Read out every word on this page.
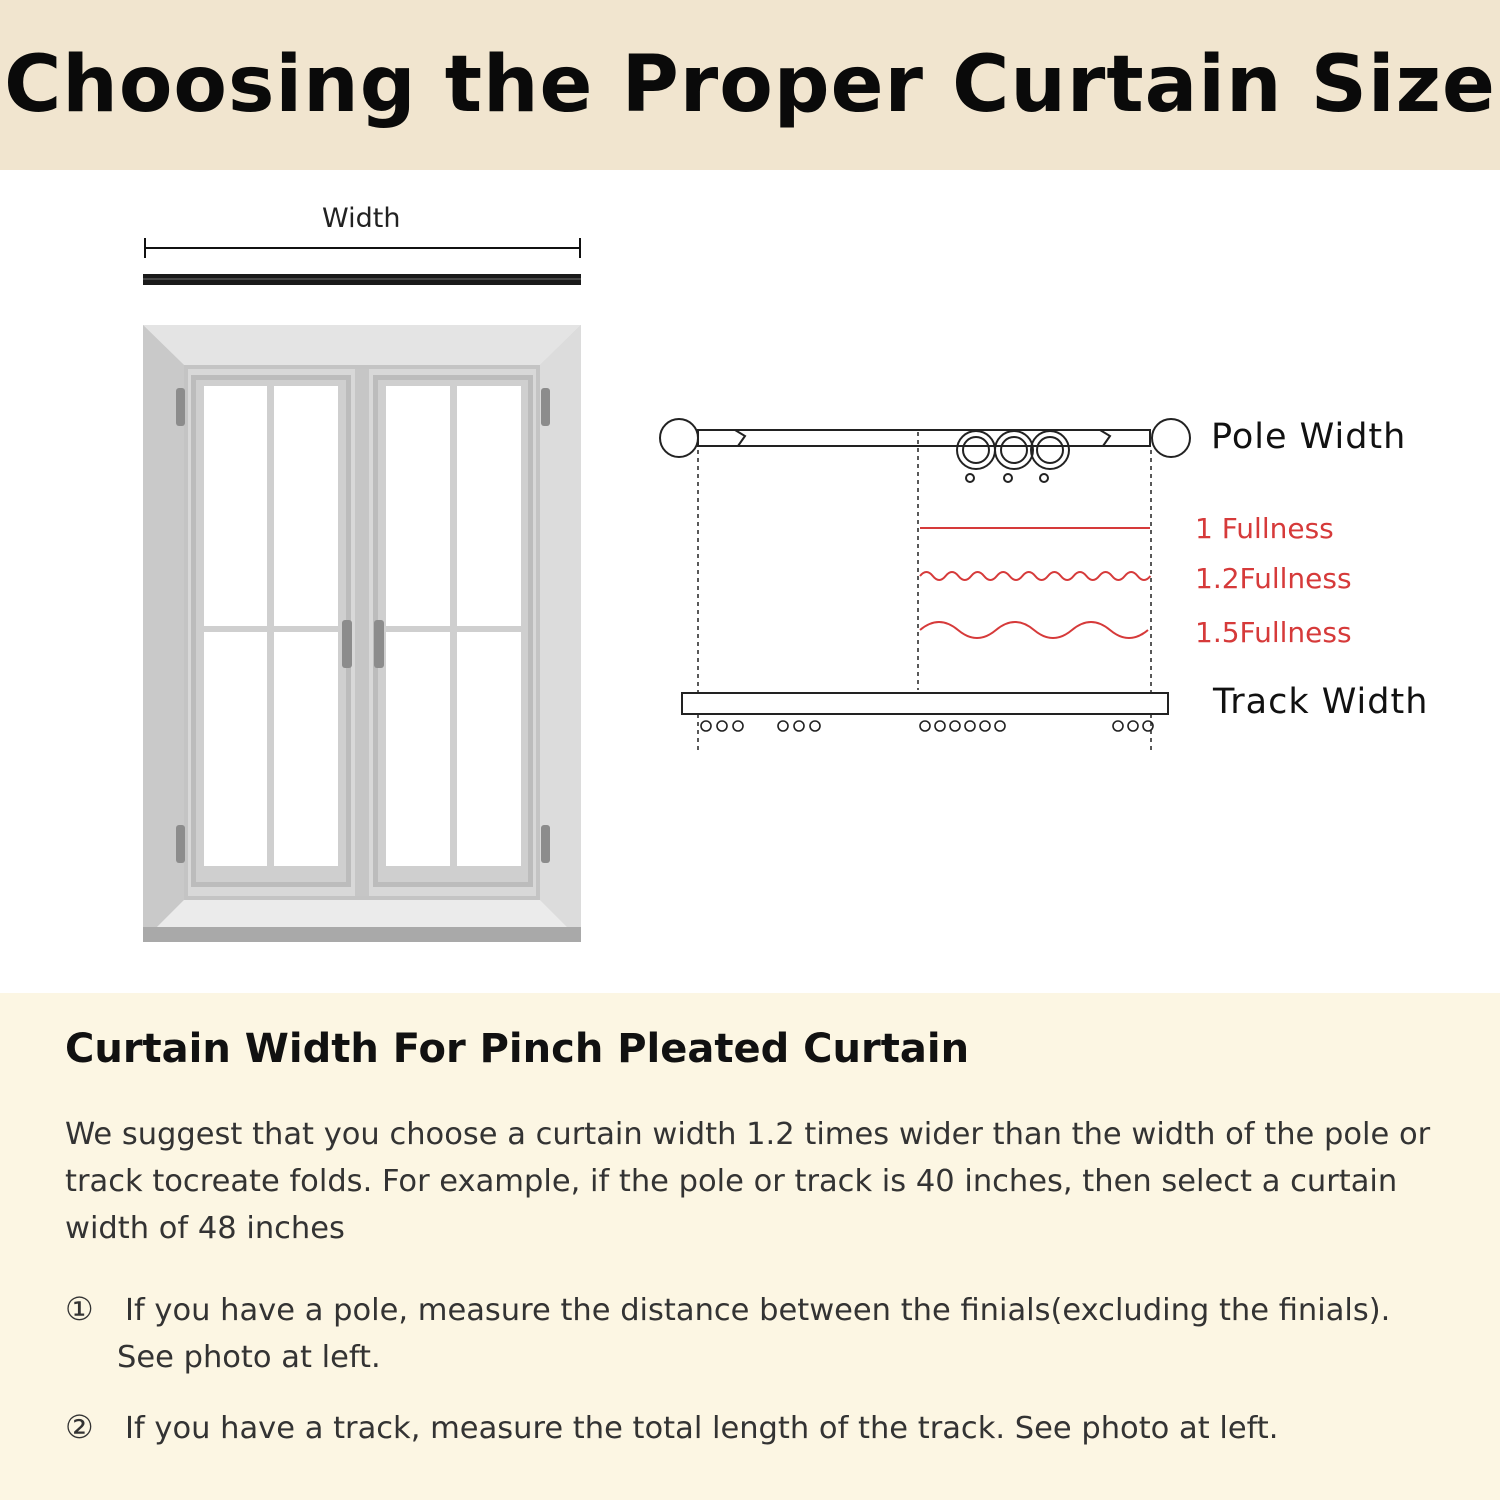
Choosing the Proper Curtain Size
Width
Pole Width
1 Fullness
1.2Fullness
1.5Fullness
Track Width
Curtain Width For Pinch Pleated Curtain

We suggest that you choose a curtain width 1.2 times wider than the width of the pole or track tocreate folds. For example, if the pole or track is 40 inches, then select a curtain width of 48 inches

① If you have a pole, measure the distance between the finials(excluding the finials).
See photo at left.
② If you have a track, measure the total length of the track. See photo at left.
